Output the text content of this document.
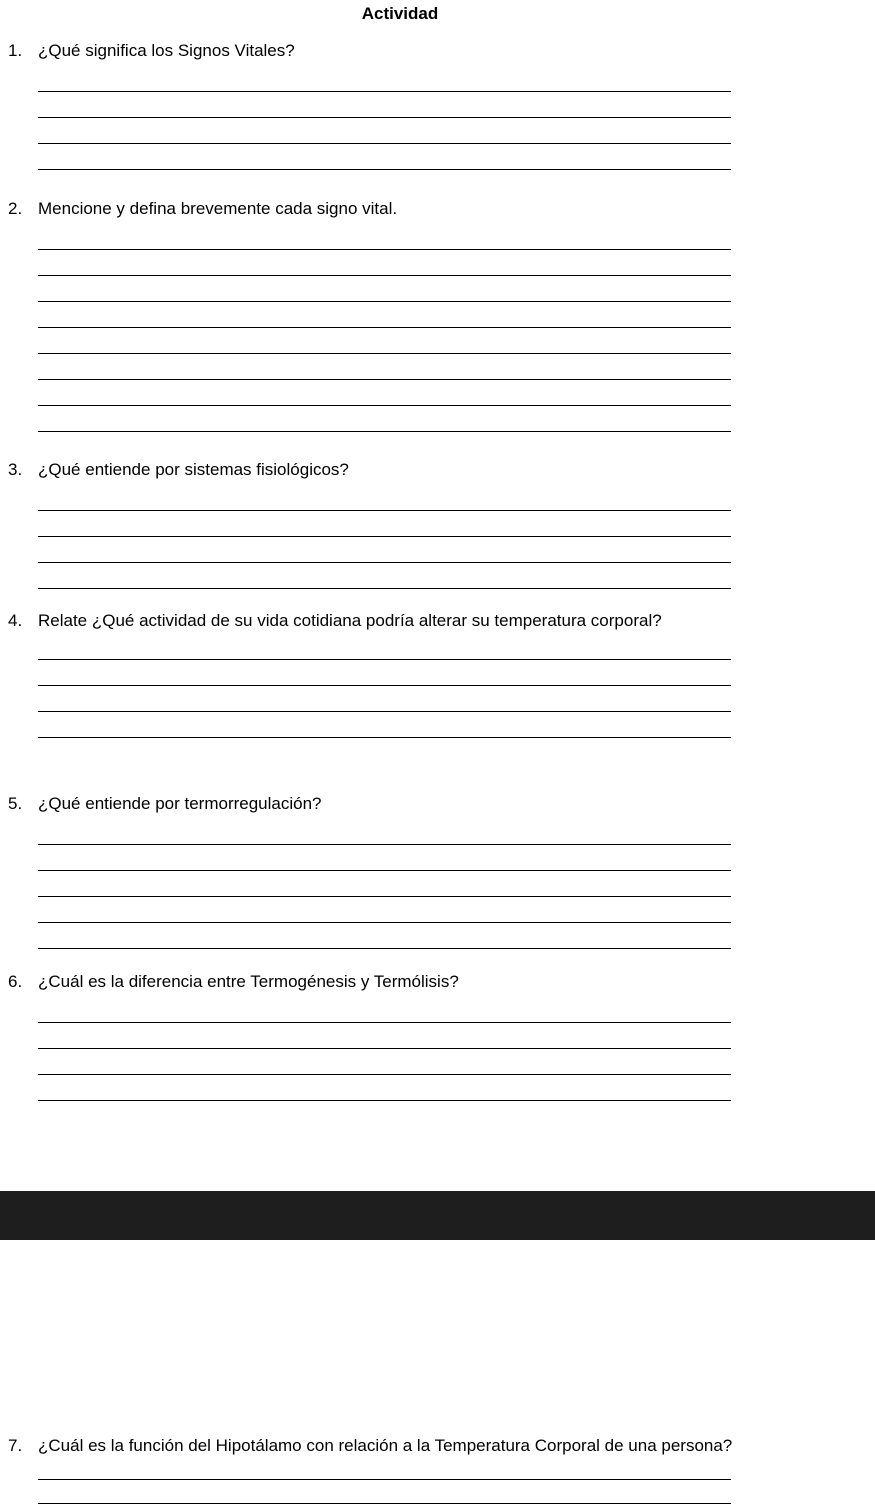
Actividad
1. ¿Qué significa los Signos Vitales?
2. Mencione y defina brevemente cada signo vital.
3. ¿Qué entiende por sistemas fisiológicos?
4. Relate ¿Qué actividad de su vida cotidiana podría alterar su temperatura corporal?
5. ¿Qué entiende por termorregulación?
6. ¿Cuál es la diferencia entre Termogénesis y Termólisis?
7. ¿Cuál es la función del Hipotálamo con relación a la Temperatura Corporal de una persona?
